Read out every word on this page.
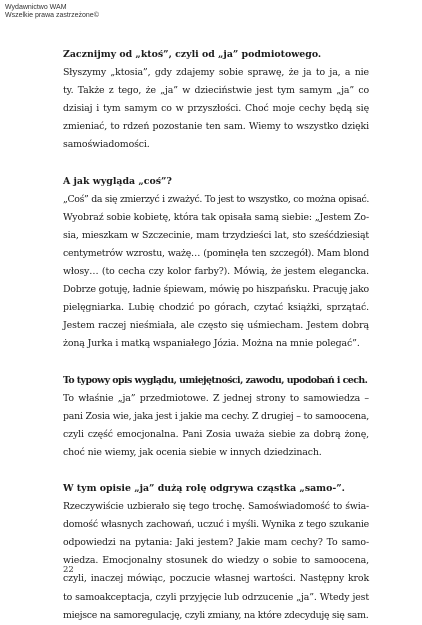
Wydawnictwo WAM
Wszelkie prawa zastrzeżone©
Zacznijmy od „ktoś”, czyli od „ja” podmiotowego.
Słyszymy „ktosia”, gdy zdajemy sobie sprawę, że ja to ja, a nie
ty. Także z tego, że „ja” w dzieciństwie jest tym samym „ja” co
dzisiaj i tym samym co w przyszłości. Choć moje cechy będą się
zmieniać, to rdzeń pozostanie ten sam. Wiemy to wszystko dzięki
samoświadomości.
A jak wygląda „coś”?
„Coś” da się zmierzyć i zważyć. To jest to wszystko, co można opisać.
Wyobraź sobie kobietę, która tak opisała samą siebie: „Jestem Zo-
sia, mieszkam w Szczecinie, mam trzydzieści lat, sto sześćdziesiąt
centymetrów wzrostu, ważę… (pominęła ten szczegół). Mam blond
włosy… (to cecha czy kolor farby?). Mówią, że jestem elegancka.
Dobrze gotuję, ładnie śpiewam, mówię po hiszpańsku. Pracuję jako
pielęgniarka. Lubię chodzić po górach, czytać książki, sprzątać.
Jestem raczej nieśmiała, ale często się uśmiecham. Jestem dobrą
żoną Jurka i matką wspaniałego Józia. Można na mnie polegać”.
To typowy opis wyglądu, umiejętności, zawodu, upodobań i cech.
To właśnie „ja” przedmiotowe. Z jednej strony to samowiedza –
pani Zosia wie, jaka jest i jakie ma cechy. Z drugiej – to samoocena,
czyli część emocjonalna. Pani Zosia uważa siebie za dobrą żonę,
choć nie wiemy, jak ocenia siebie w innych dziedzinach.
W tym opisie „ja” dużą rolę odgrywa cząstka „samo-”.
Rzeczywiście uzbierało się tego trochę. Samoświadomość to świa-
domość własnych zachowań, uczuć i myśli. Wynika z tego szukanie
odpowiedzi na pytania: Jaki jestem? Jakie mam cechy? To samo-
wiedza. Emocjonalny stosunek do wiedzy o sobie to samoocena,
czyli, inaczej mówiąc, poczucie własnej wartości. Następny krok
to samoakceptacja, czyli przyjęcie lub odrzucenie „ja”. Wtedy jest
miejsce na samoregulację, czyli zmiany, na które zdecyduję się sam.
22
